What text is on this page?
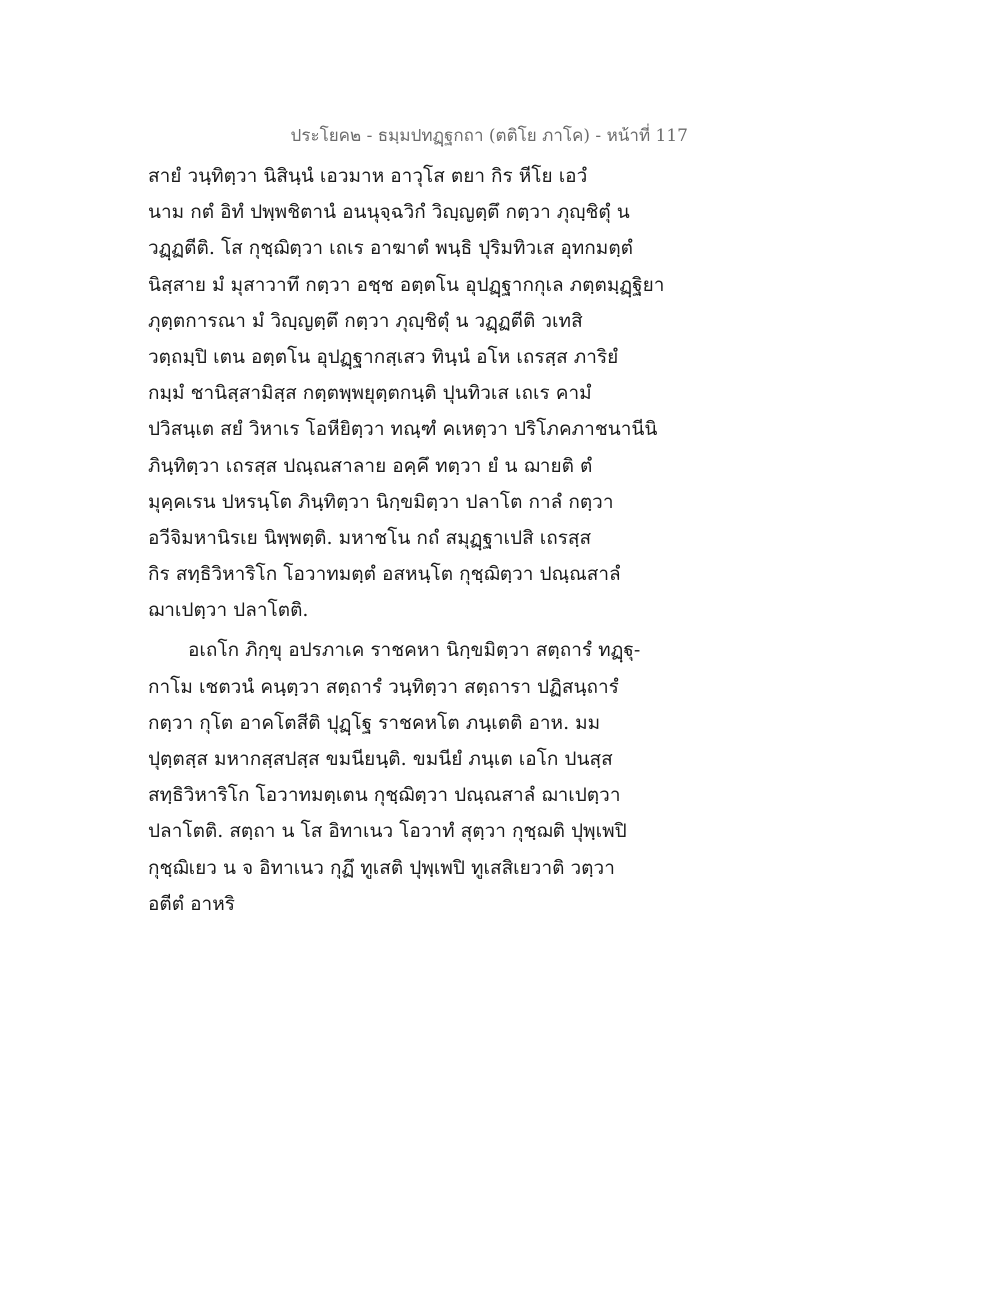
ประโยค๒ - ธมฺมปทฏฺฐกถา (ตติโย ภาโค) - หน้าที่ 117
สายํ วนฺทิตฺวา นิสินฺนํ เอวมาห อาวุโส ตยา กิร หีโย เอวํ
นาม กตํ อิทํ ปพฺพชิตานํ อนนุจฺฉวิกํ วิญฺญตฺตึ กตฺวา ภุญฺชิตุํ น
วฏฺฏตีติ. โส กุชฺฌิตฺวา เถเร อาฆาตํ พนฺธิ ปุริมทิวเส อุทกมตฺตํ
นิสฺสาย มํ มุสาวาทึ กตฺวา อชฺช อตฺตโน อุปฏฺฐากกุเล ภตฺตมฺฏฺฐิยา
ภุตฺตการณา มํ วิญฺญตฺตึ กตฺวา ภุญฺชิตุํ น วฏฺฏตีติ วเทสิ
วตฺถมฺปิ เตน อตฺตโน อุปฏฺฐากสฺเสว ทินฺนํ อโห เถรสฺส ภาริยํ
กมฺมํ ชานิสฺสามิสฺส กตฺตพฺพยุตฺตกนฺติ ปุนทิวเส เถเร คามํ
ปวิสนฺเต สยํ วิหาเร โอหียิตฺวา ทณฺฑํ คเหตฺวา ปริโภคภาชนานีนิ
ภินฺทิตฺวา เถรสฺส ปณฺณสาลาย อคฺคึ ทตฺวา ยํ น ฌายติ ตํ
มุคฺคเรน ปหรนฺโต ภินฺทิตฺวา นิกฺขมิตฺวา ปลาโต กาลํ กตฺวา
อวีจิมหานิรเย นิพฺพตฺติ. มหาชโน กถํ สมุฏฺฐาเปสิ เถรสฺส
กิร สทฺธิวิหาริโก โอวาทมตฺตํ อสหนฺโต กุชฺฌิตฺวา ปณฺณสาลํ
ฌาเปตฺวา ปลาโตติ.
อเถโก ภิกฺขุ อปรภาเค ราชคหา นิกฺขมิตฺวา สตฺถารํ ทฏฺฐุ-
กาโม เชตวนํ คนฺตฺวา สตฺถารํ วนฺทิตฺวา สตฺถารา ปฏิสนฺถารํ
กตฺวา กุโต อาคโตสีติ ปุฏฺโฐ ราชคหโต ภนฺเตติ อาห. มม
ปุตฺตสฺส มหากสฺสปสฺส ขมนียนฺติ. ขมนียํ ภนฺเต เอโก ปนสฺส
สทฺธิวิหาริโก โอวาทมตฺเตน กุชฺฌิตฺวา ปณฺณสาลํ ฌาเปตฺวา
ปลาโตติ. สตฺถา น โส อิทาเนว โอวาทํ สุตฺวา กุชฺฌติ ปุพฺเพปิ
กุชฺฌิเยว น จ อิทาเนว กุฏึ ทูเสติ ปุพฺเพปิ ทูเสสิเยวาติ วตฺวา
อตีตํ อาหริ
